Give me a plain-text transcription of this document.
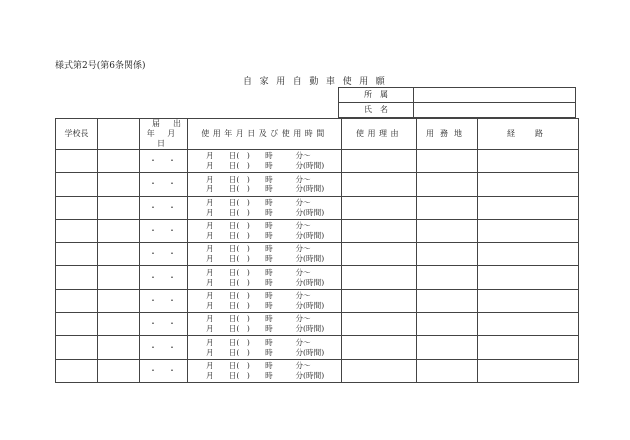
様式第2号(第6条関係)
自家用自動車使用願
所　属	
氏　名	
学校長		届 出
年 月 日	使用年月日及び使用時間	使用理由	用務地	経　路
		・・	月　　日(　)　　時　　　分～
月　　日(　)　　時　　　分(時間)			

		・・	月　　日(　)　　時　　　分～
月　　日(　)　　時　　　分(時間)			

		・・	月　　日(　)　　時　　　分～
月　　日(　)　　時　　　分(時間)			

		・・	月　　日(　)　　時　　　分～
月　　日(　)　　時　　　分(時間)			

		・・	月　　日(　)　　時　　　分～
月　　日(　)　　時　　　分(時間)			

		・・	月　　日(　)　　時　　　分～
月　　日(　)　　時　　　分(時間)			

		・・	月　　日(　)　　時　　　分～
月　　日(　)　　時　　　分(時間)			

		・・	月　　日(　)　　時　　　分～
月　　日(　)　　時　　　分(時間)			

		・・	月　　日(　)　　時　　　分～
月　　日(　)　　時　　　分(時間)			

		・・	月　　日(　)　　時　　　分～
月　　日(　)　　時　　　分(時間)			
